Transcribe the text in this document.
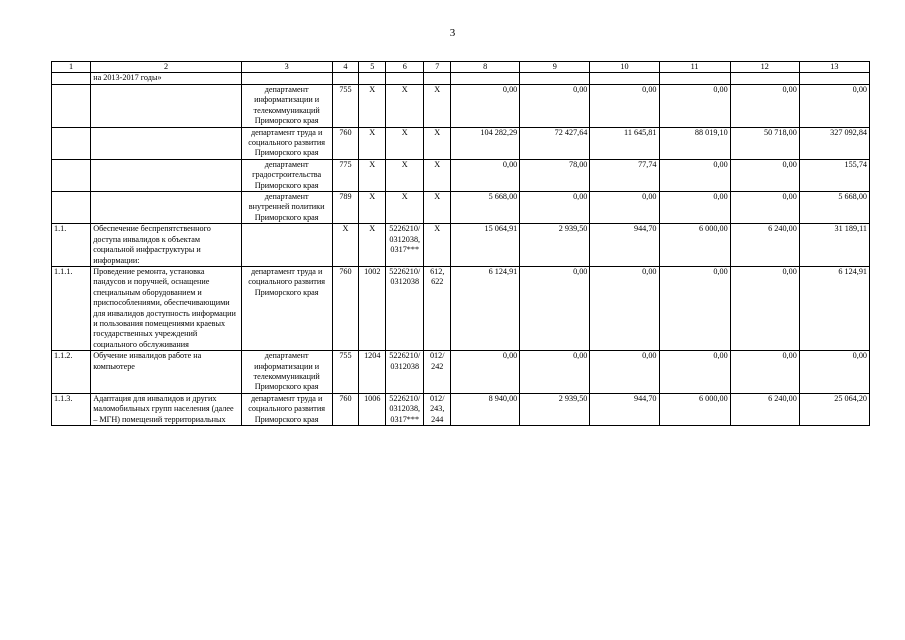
3
1	2	3	4	5	6	7	8	9	10	11	12	13
	на 2013-2017 годы»											
		департамент информатизации и телекоммуникаций Приморского края	755	X	X	X	0,00	0,00	0,00	0,00	0,00	0,00
		департамент труда и социального развития Приморского края	760	X	X	X	104 282,29	72 427,64	11 645,81	88 019,10	50 718,00	327 092,84
		департамент градостроительства Приморского края	775	X	X	X	0,00	78,00	77,74	0,00	0,00	155,74
		департамент внутренней политики Приморского края	789	X	X	X	5 668,00	0,00	0,00	0,00	0,00	5 668,00
1.1.	Обеспечение беспрепятственного доступа инвалидов к объектам социальной инфраструктуры и информации:		X	X	5226210/ 0312038, 0317***	X	15 064,91	2 939,50	944,70	6 000,00	6 240,00	31 189,11
1.1.1.	Проведение ремонта, установка пандусов и поручней, оснащение специальным оборудованием и приспособлениями, обеспечивающими для инвалидов доступность информации и пользования помещениями краевых государственных учреждений социального обслуживания	департамент труда и социального развития Приморского края	760	1002	5226210/ 0312038	612, 622	6 124,91	0,00	0,00	0,00	0,00	6 124,91
1.1.2.	Обучение инвалидов работе на компьютере	департамент информатизации и телекоммуникаций Приморского края	755	1204	5226210/ 0312038	012/ 242	0,00	0,00	0,00	0,00	0,00	0,00
1.1.3.	Адаптация для инвалидов и других маломобильных групп населения (далее – МГН) помещений территориальных	департамент труда и социального развития Приморского края	760	1006	5226210/ 0312038, 0317***	012/ 243, 244	8 940,00	2 939,50	944,70	6 000,00	6 240,00	25 064,20
